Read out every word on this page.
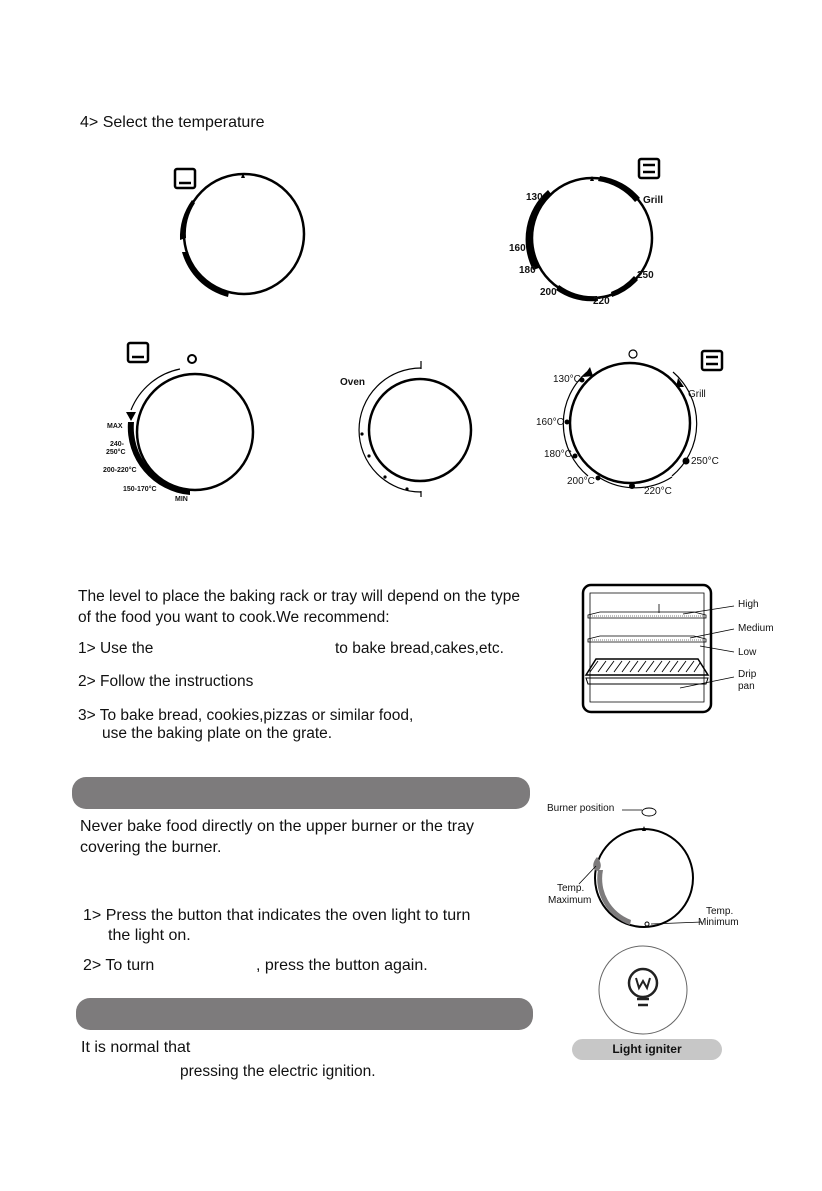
4> Select the temperature
130	Grill
160
180
200
220
250
MAX
240-
250°C
200-220°C
150-170°C
MIN
Oven	130°C
Grill
160°C
180°C
250°C
200°C
220°C
The level to place the baking rack or tray will depend on the type
of the food you want to cook.We recommend:
1> Use the	to bake bread,cakes,etc.
2> Follow the instructions
3> To bake bread, cookies,pizzas or similar food,
use the baking plate on the grate.
High
Medium
Low
Drip
pan
Never bake food directly on the upper burner or the tray
covering the burner.
Burner position
Temp.
Maximum
Temp.
Minimum
1> Press the button that indicates the oven light to turn
the light on.
2> To turn	, press the button again.
Light igniter
It is normal that
pressing the electric ignition.
